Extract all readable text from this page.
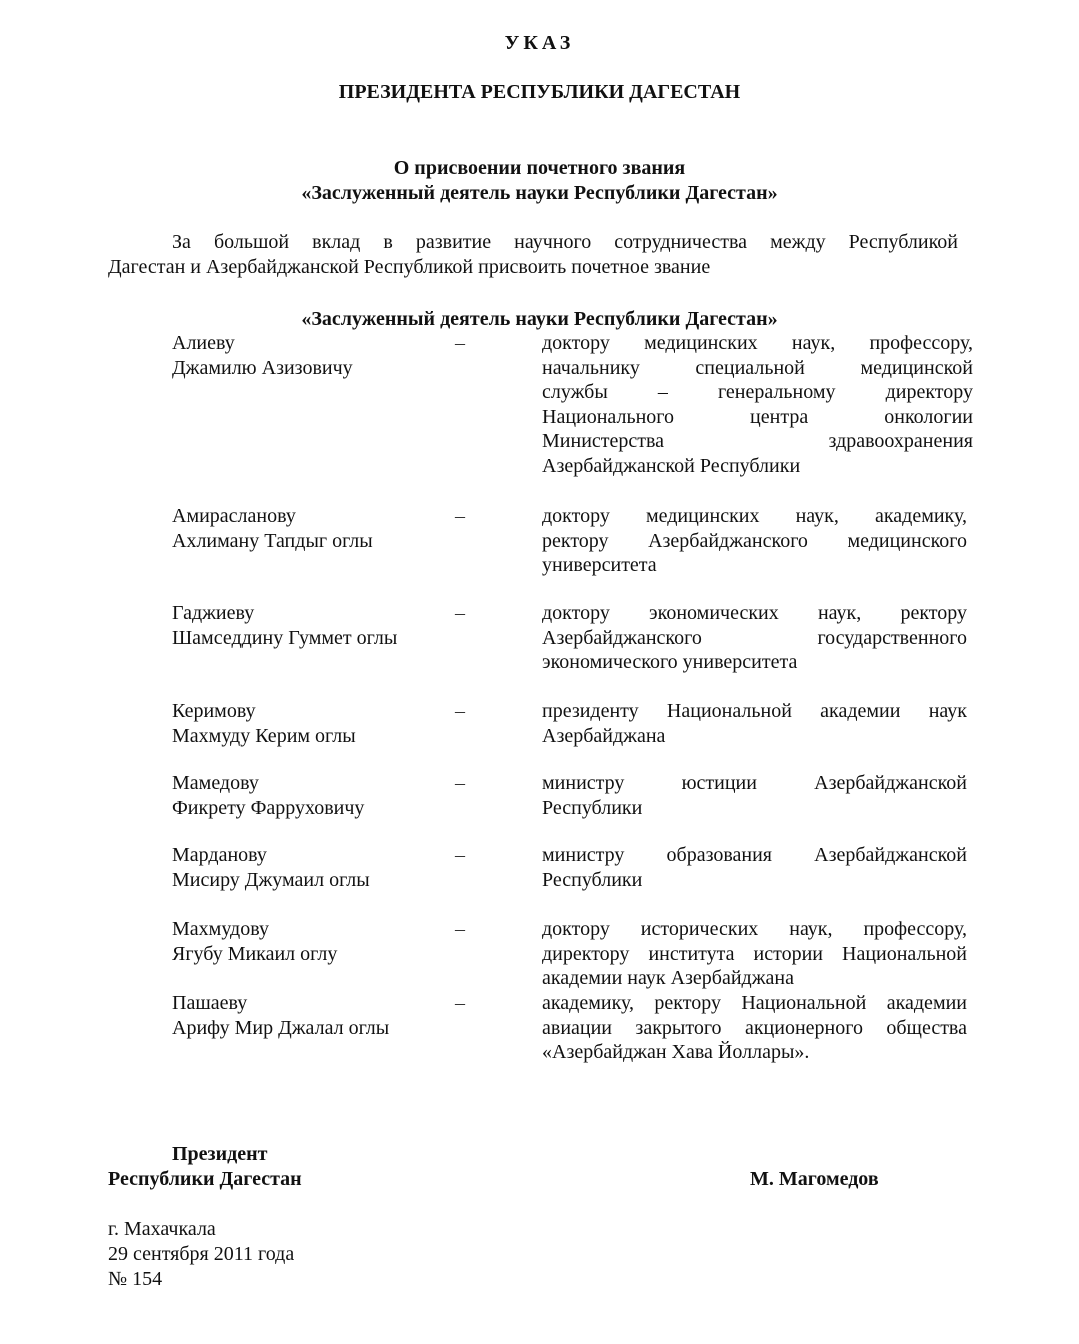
УКАЗ
ПРЕЗИДЕНТА РЕСПУБЛИКИ ДАГЕСТАН
О присвоении почетного звания
«Заслуженный деятель науки Республики Дагестан»
За большой вклад в развитие научного сотрудничества между Республикой
Дагестан и Азербайджанской Республикой присвоить почетное звание
«Заслуженный деятель науки Республики Дагестан»
Алиеву
Джамилю Азизовичу
–	доктору медицинских наук, профессору,
начальнику специальной медицинской
службы – генеральному директору
Национального центра онкологии
Министерства здравоохранения
Азербайджанской Республики
Амирасланову
Ахлиману Тапдыг оглы
–	доктору медицинских наук, академику,
ректору Азербайджанского медицинского
университета
Гаджиеву
Шамседдину Гуммет оглы
–	доктору экономических наук, ректору
Азербайджанского государственного
экономического университета
Керимову
Махмуду Керим оглы
–	президенту Национальной академии наук
Азербайджана
Мамедову
Фикрету Фарруховичу
–	министру юстиции Азербайджанской
Республики
Марданову
Мисиру Джумаил оглы
–	министру образования Азербайджанской
Республики
Махмудову
Ягубу Микаил оглу
–	доктору исторических наук, профессору,
директору института истории Национальной
академии наук Азербайджана
Пашаеву
Арифу Мир Джалал оглы
–	академику, ректору Национальной академии
авиации закрытого акционерного общества
«Азербайджан Хава Йоллары».
Президент
Республики Дагестан	М. Магомедов
г. Махачкала
29 сентября 2011 года
№ 154
